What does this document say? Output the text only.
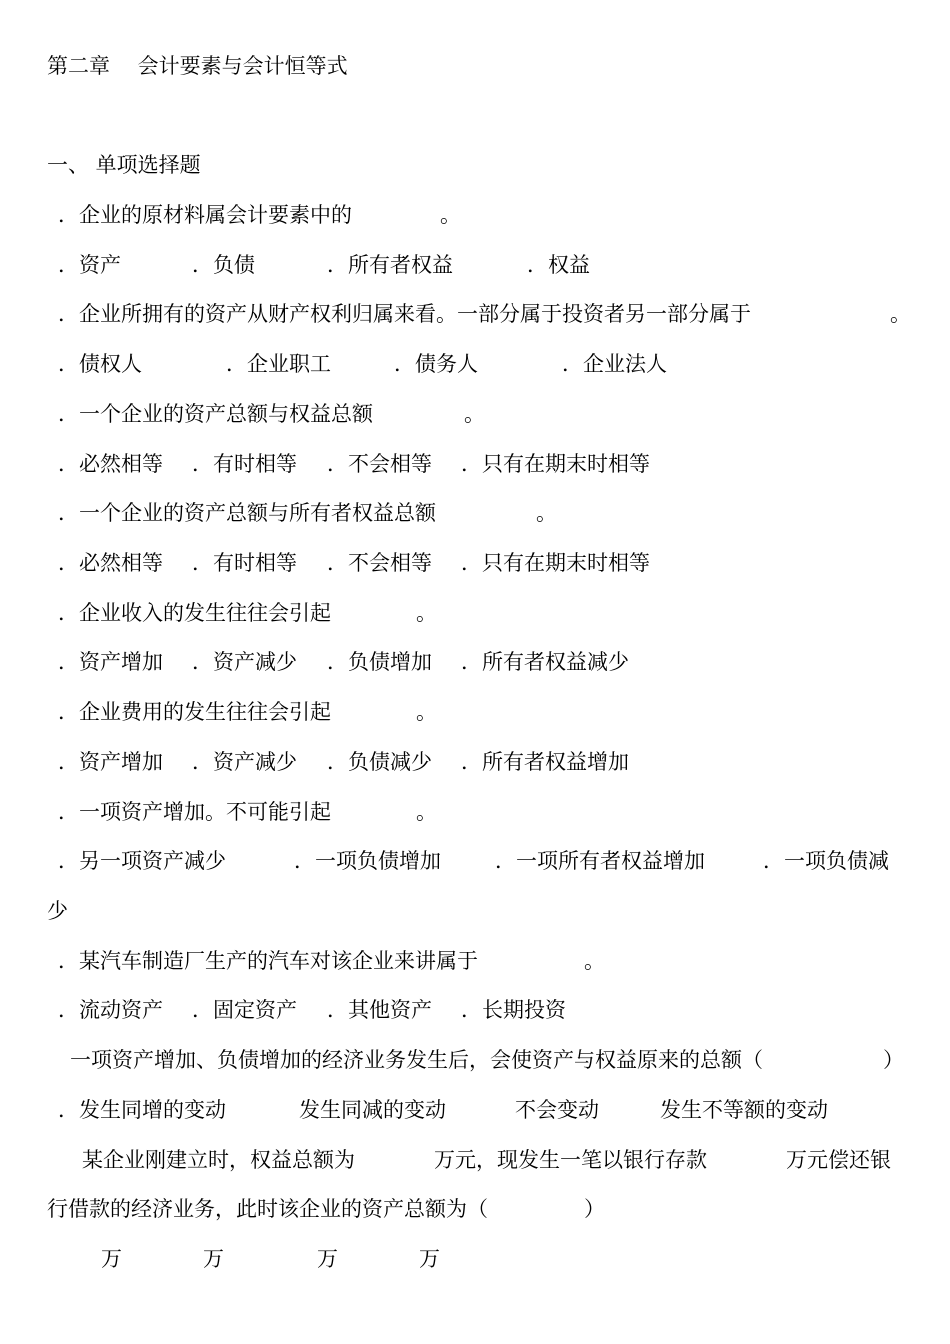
第二章　 会计要素与会计恒等式
一、 单项选择题
．企业的原材料属会计要素中的	。
．资产	．负债	．所有者权益	．权益
．企业所拥有的资产从财产权利归属来看。一部分属于投资者另一部分属于	。
．债权人	．企业职工	．债务人	．企业法人
．一个企业的资产总额与权益总额	。
．必然相等 ．有时相等 ．不会相等 ．只有在期末时相等
．一个企业的资产总额与所有者权益总额	。
．必然相等 ．有时相等 ．不会相等 ．只有在期末时相等
．企业收入的发生往往会引起	。
．资产增加 ．资产减少 ．负债增加 ．所有者权益减少
．企业费用的发生往往会引起	。
．资产增加 ．资产减少 ．负债减少 ．所有者权益增加
．一项资产增加。不可能引起	。
．另一项资产减少	．一项负债增加	．一项所有者权益增加	．一项负债减
少
．某汽车制造厂生产的汽车对该企业来讲属于	。
．流动资产 ．固定资产 ．其他资产 ．长期投资
一项资产增加、负债增加的经济业务发生后，会使资产与权益原来的总额（	）
．发生同增的变动	发生同减的变动	不会变动	发生不等额的变动
某企业刚建立时，权益总额为	万元，现发生一笔以银行存款	万元偿还银
行借款的经济业务，此时该企业的资产总额为（	）
万	万	万	万
